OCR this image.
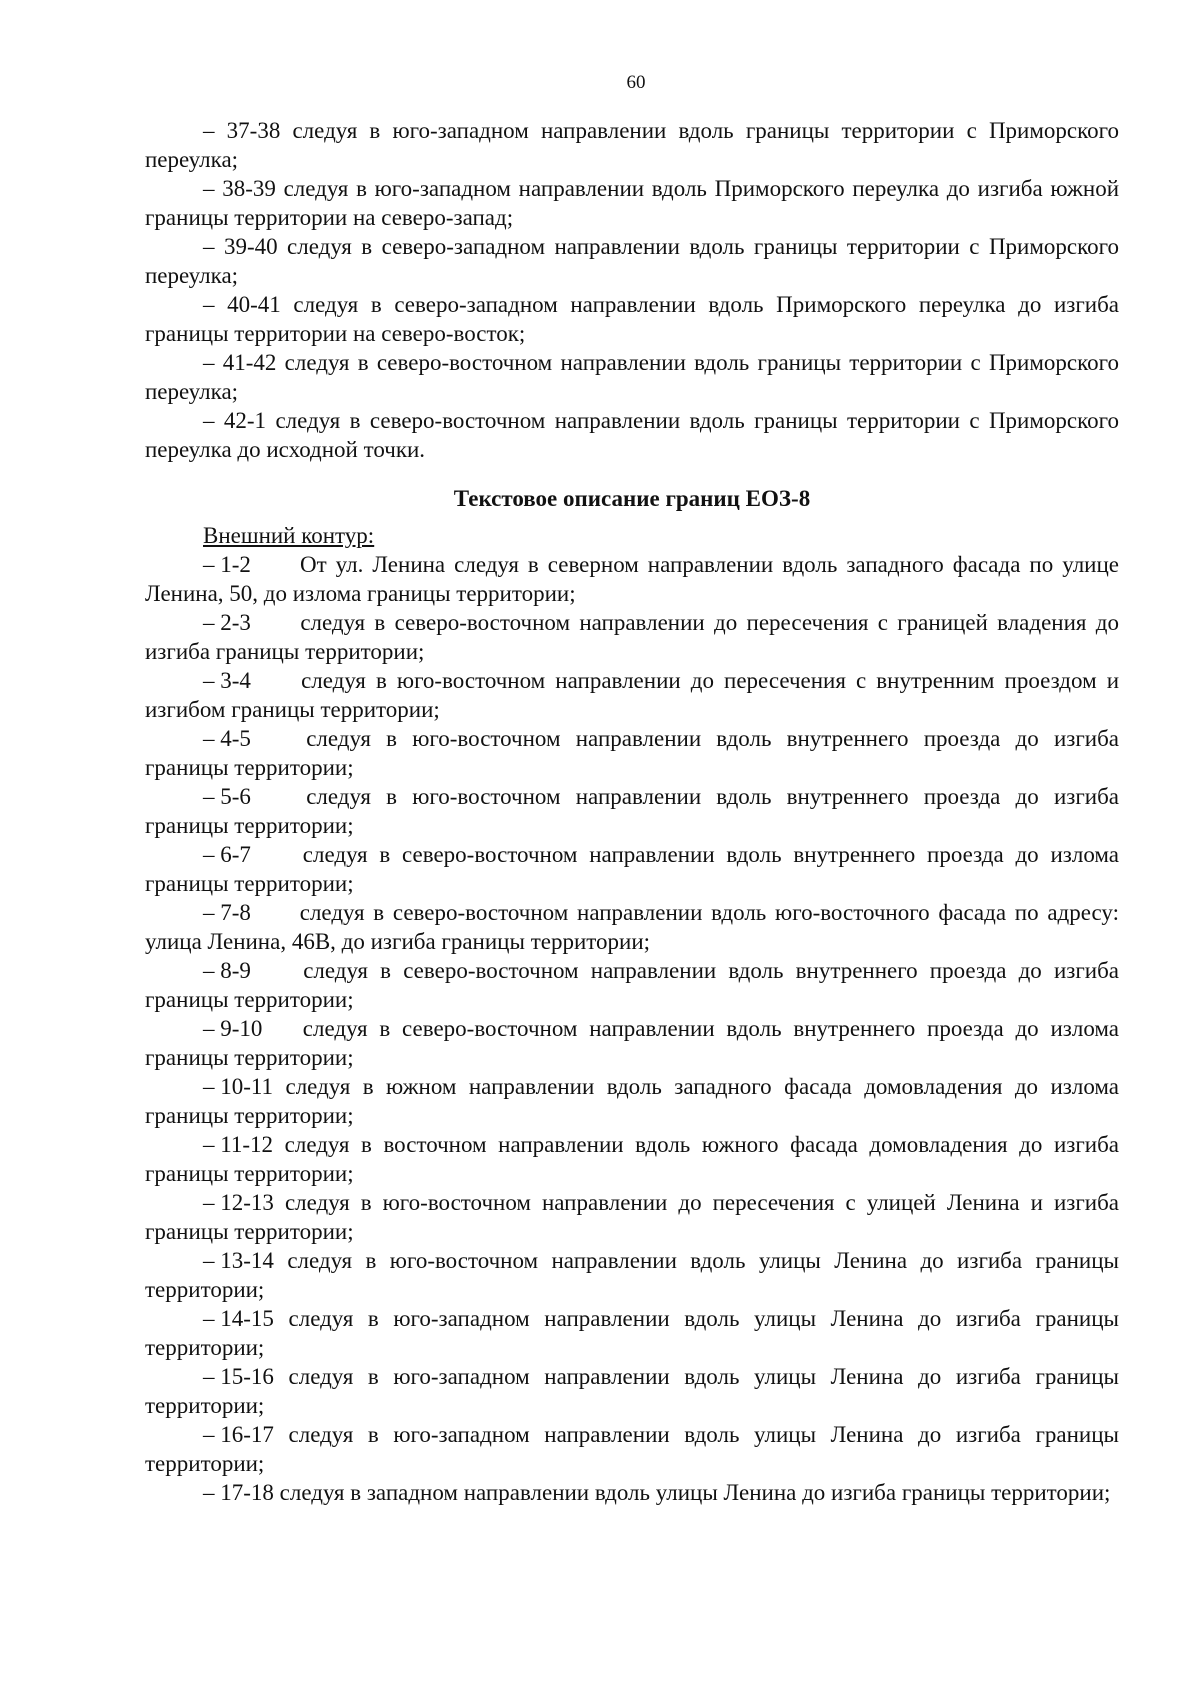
60

– 37-38 следуя в юго-западном направлении вдоль границы территории с Приморского переулка;

– 38-39 следуя в юго-западном направлении вдоль Приморского переулка до изгиба южной границы территории на северо-запад;

– 39-40 следуя в северо-западном направлении вдоль границы территории с Приморского переулка;

– 40-41 следуя в северо-западном направлении вдоль Приморского переулка до изгиба границы территории на северо-восток;

– 41-42 следуя в северо-восточном направлении вдоль границы территории с Приморского переулка;

– 42-1 следуя в северо-восточном направлении вдоль границы территории с Приморского переулка до исходной точки.

Текстовое описание границ ЕОЗ-8

Внешний контур:

– 1-2 От ул. Ленина следуя в северном направлении вдоль западного фасада по улице Ленина, 50, до излома границы территории;

– 2-3 следуя в северо-восточном направлении до пересечения с границей владения до изгиба границы территории;

– 3-4 следуя в юго-восточном направлении до пересечения с внутренним проездом и изгибом границы территории;

– 4-5 следуя в юго-восточном направлении вдоль внутреннего проезда до изгиба границы территории;

– 5-6 следуя в юго-восточном направлении вдоль внутреннего проезда до изгиба границы территории;

– 6-7 следуя в северо-восточном направлении вдоль внутреннего проезда до излома границы территории;

– 7-8 следуя в северо-восточном направлении вдоль юго-восточного фасада по адресу: улица Ленина, 46В, до изгиба границы территории;

– 8-9 следуя в северо-восточном направлении вдоль внутреннего проезда до изгиба границы территории;

– 9-10 следуя в северо-восточном направлении вдоль внутреннего проезда до излома границы территории;

– 10-11 следуя в южном направлении вдоль западного фасада домовладения до излома границы территории;

– 11-12 следуя в восточном направлении вдоль южного фасада домовладения до изгиба границы территории;

– 12-13 следуя в юго-восточном направлении до пересечения с улицей Ленина и изгиба границы территории;

– 13-14 следуя в юго-восточном направлении вдоль улицы Ленина до изгиба границы территории;

– 14-15 следуя в юго-западном направлении вдоль улицы Ленина до изгиба границы территории;

– 15-16 следуя в юго-западном направлении вдоль улицы Ленина до изгиба границы территории;

– 16-17 следуя в юго-западном направлении вдоль улицы Ленина до изгиба границы территории;

– 17-18 следуя в западном направлении вдоль улицы Ленина до изгиба границы территории;
